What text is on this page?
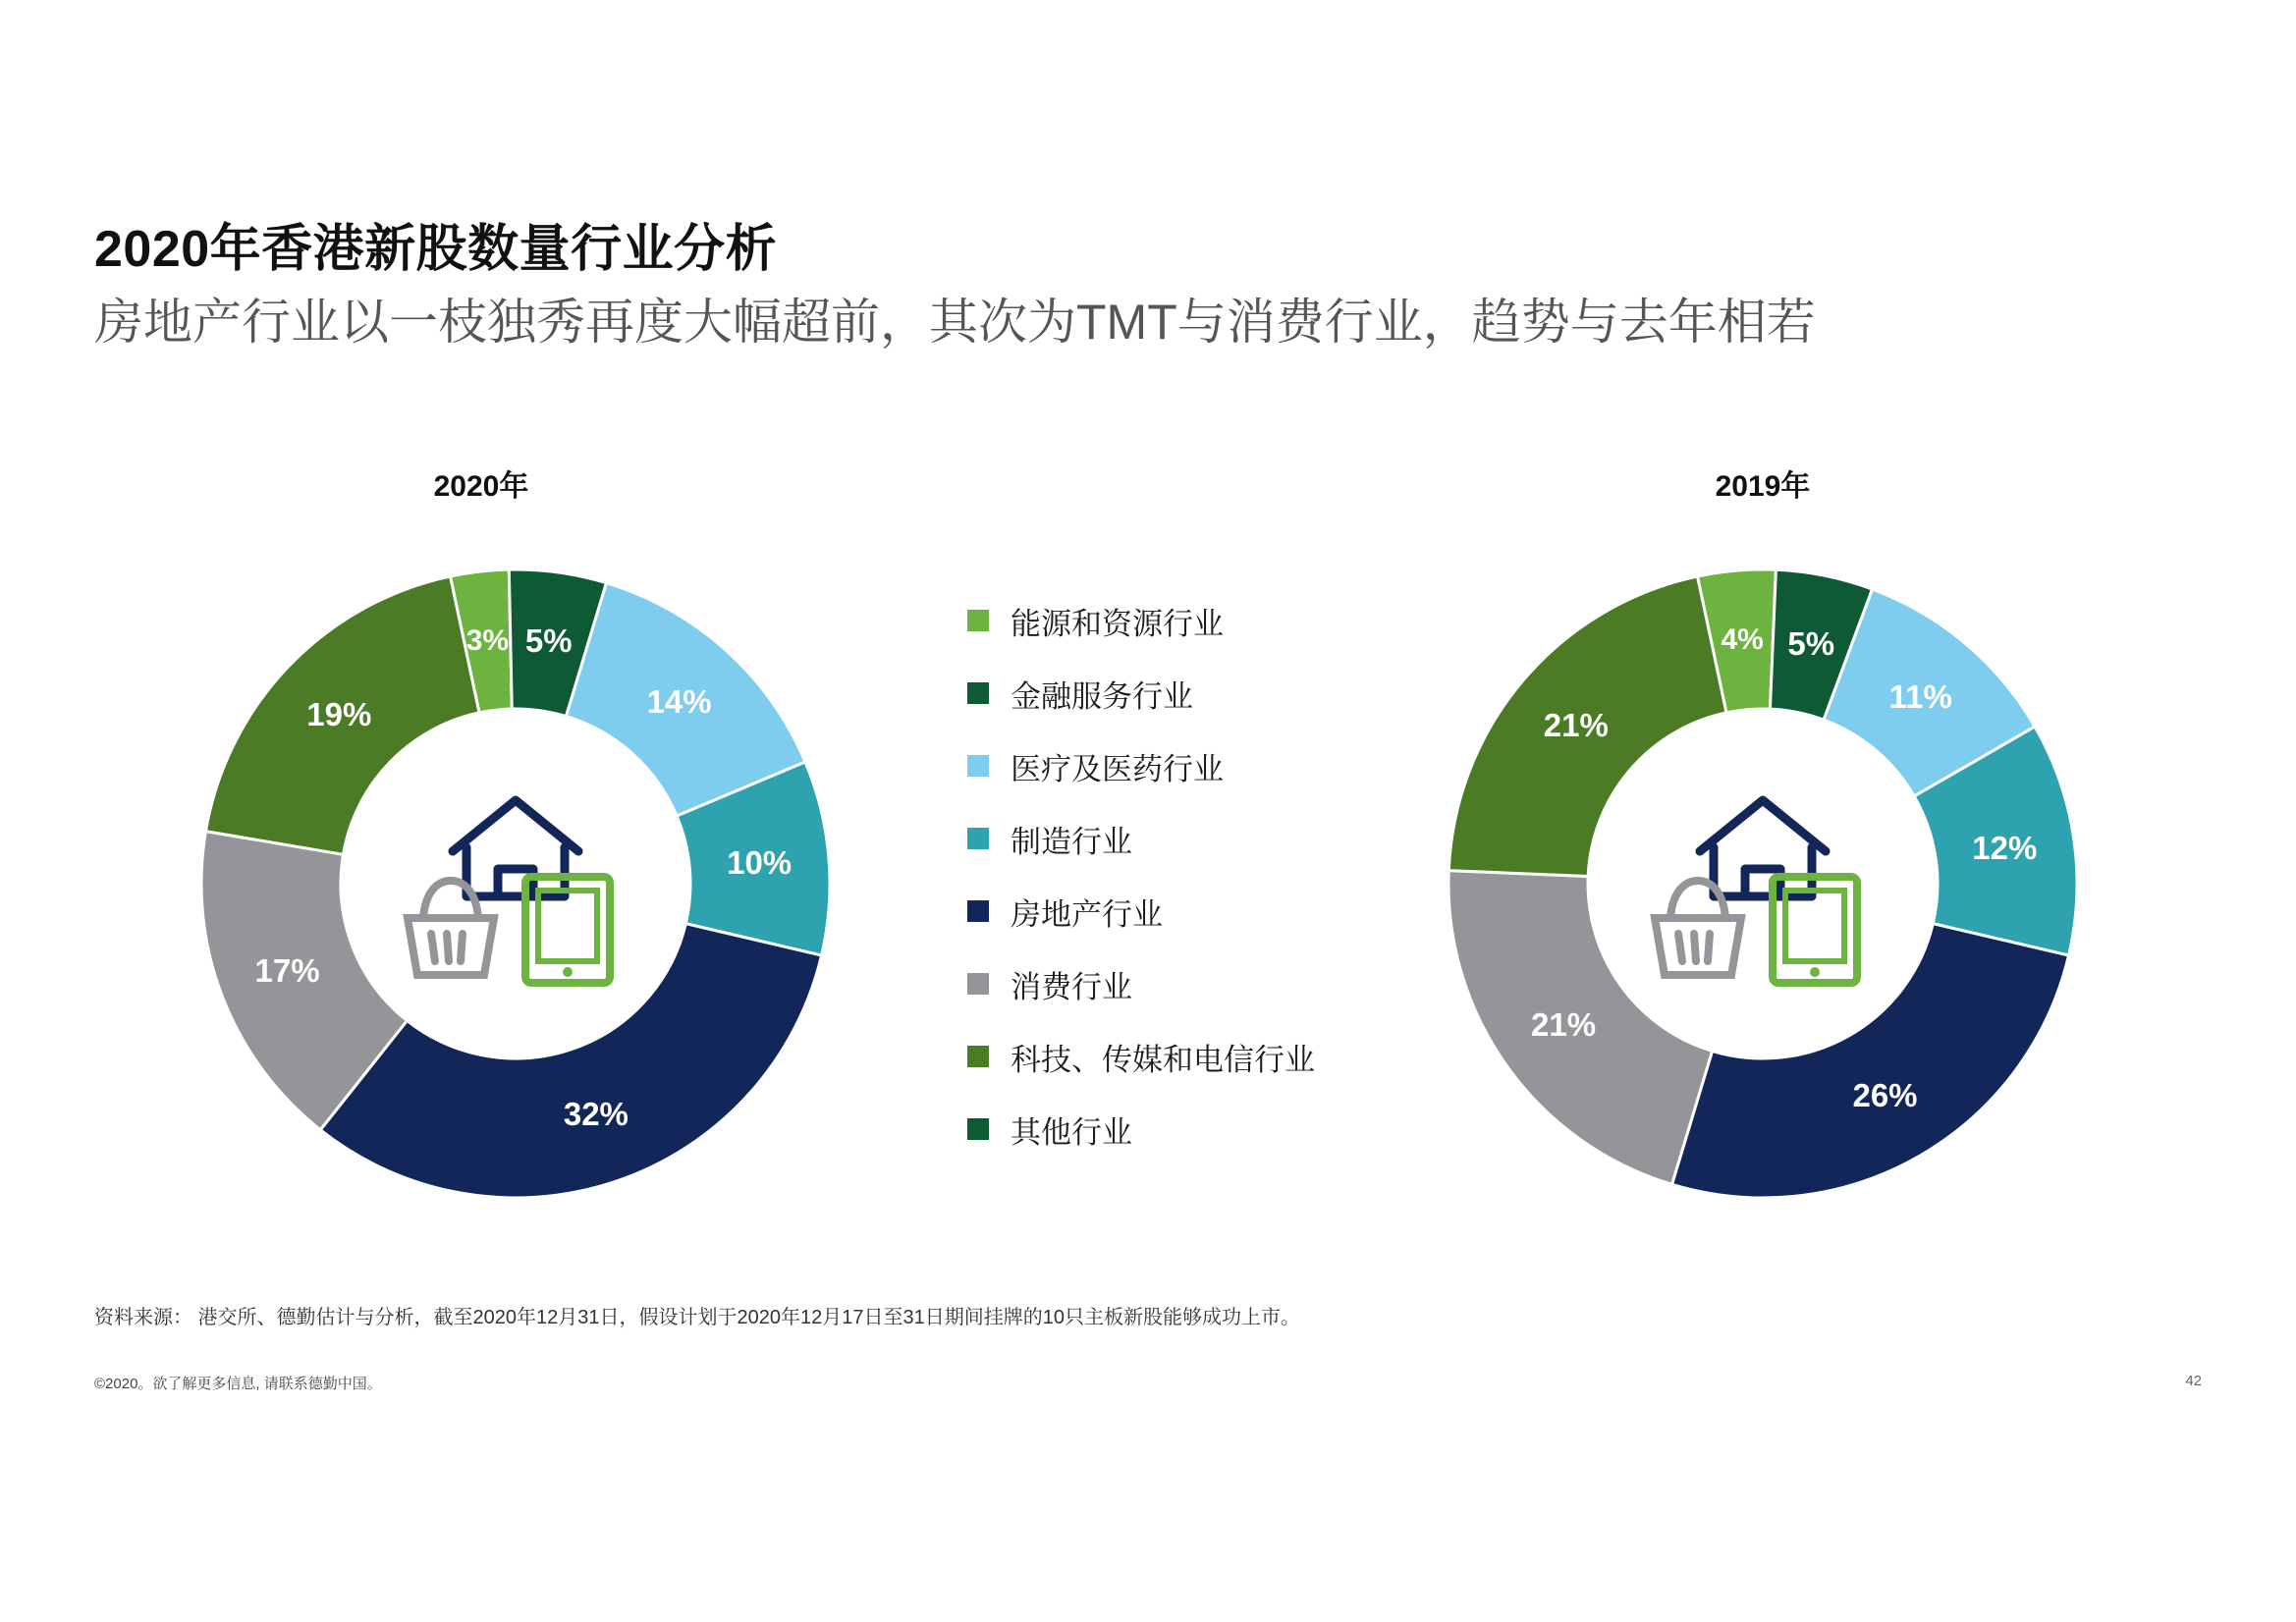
2020年香港新股数量行业分析
房地产行业以一枝独秀再度大幅超前，其次为TMT与消费行业，趋势与去年相若
2020年	2019年
3% 5%
14%
10%
32%
17%
19%
4% 5%
11%
12%
26%
21%
21%
能源和资源行业
金融服务行业
医疗及医药行业
制造行业
房地产行业
消费行业
科技、传媒和电信行业
其他行业
资料来源： 港交所、德勤估计与分析，截至2020年12月31日，假设计划于2020年12月17日至31日期间挂牌的10只主板新股能够成功上市。
©2020。欲了解更多信息, 请联系德勤中国。	42
